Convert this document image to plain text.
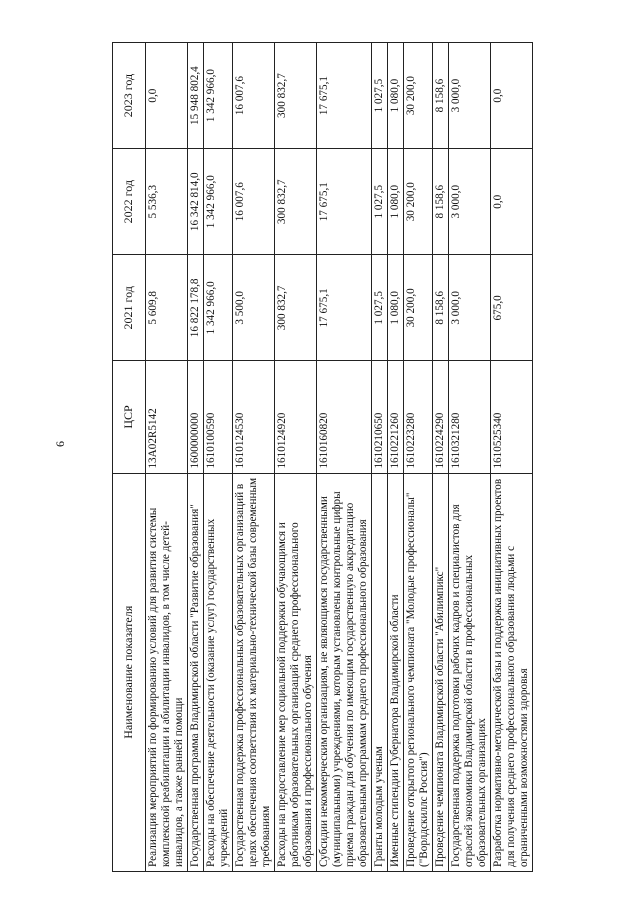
6
Наименование показателя	ЦСР	2021 год	2022 год	2023 год
Реализация мероприятий по формированию условий для развития системы комплексной реабилитации и абилитации инвалидов, в том числе детей-инвалидов, а также ранней помощи	13А02R5142	5 609,8	5 536,3	0,0
Государственная программа Владимирской области "Развитие образования"	1600000000	16 822 178,8	16 342 814,0	15 948 802,4
Расходы на обеспечение деятельности (оказание услуг) государственных учреждений	1610100590	1 342 966,0	1 342 966,0	1 342 966,0
Государственная поддержка профессиональных образовательных организаций в целях обеспечения соответствия их материально-технической базы современным требованиям	1610124530	3 500,0	16 007,6	16 007,6
Расходы на предоставление мер социальной поддержки обучающимся и работникам образовательных организаций среднего профессионального образования и профессионального обучения	1610124920	300 832,7	300 832,7	300 832,7
Субсидии некоммерческим организациям, не являющимся государственными (муниципальными) учреждениями, которым установлены контрольные цифры приема граждан для обучения по имеющим государственную аккредитацию образовательным программам среднего профессионального образования	1610160820	17 675,1	17 675,1	17 675,1
Гранты молодым ученым	1610210650	1 027,5	1 027,5	1 027,5
Именные стипендии Губернатора Владимирской области	1610221260	1 080,0	1 080,0	1 080,0
Проведение открытого регионального чемпионата "Молодые профессионалы" ("Ворлдскиллс Россия")	1610223280	30 200,0	30 200,0	30 200,0
Проведение чемпионата Владимирской области "Абилимпикс"	1610224290	8 158,6	8 158,6	8 158,6
Государственная поддержка подготовки рабочих кадров и специалистов для отраслей экономики Владимирской области в профессиональных образовательных организациях	1610321280	3 000,0	3 000,0	3 000,0
Разработка нормативно-методической базы и поддержка инициативных проектов для получения среднего профессионального образования людьми с ограниченными возможностями здоровья	1610525340	675,0	0,0	0,0
